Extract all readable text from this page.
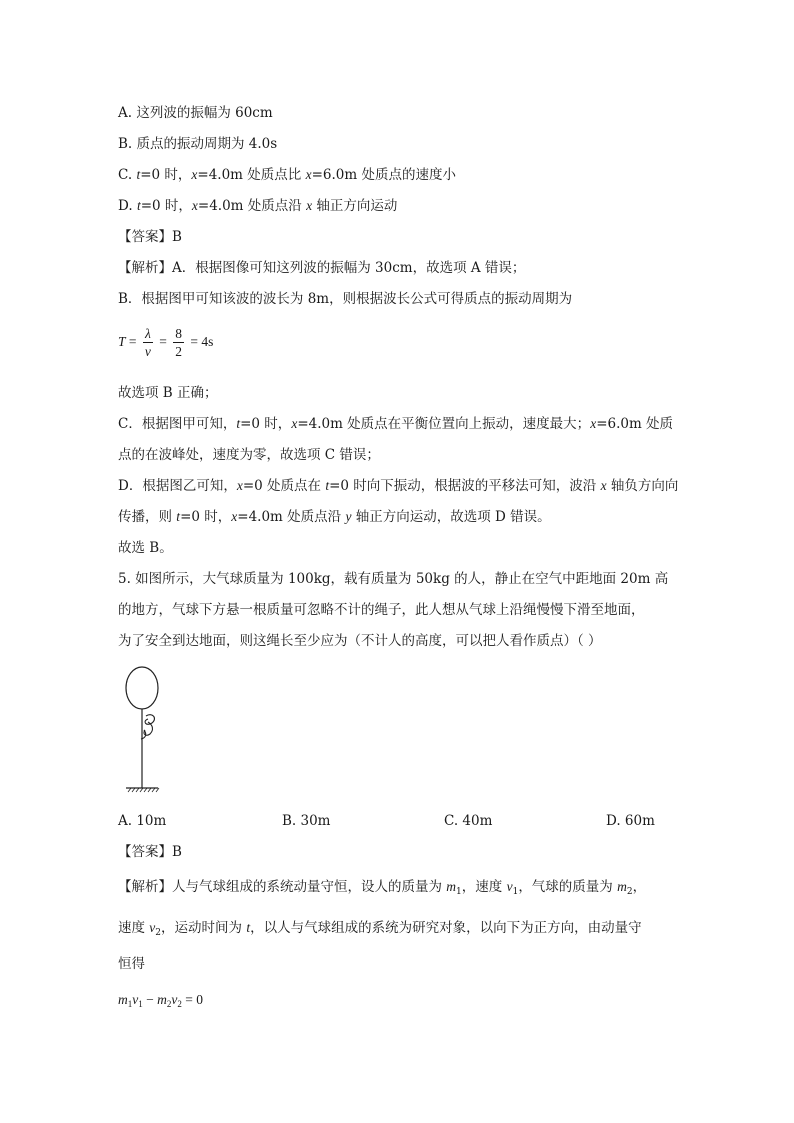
A. 这列波的振幅为 60cm
B. 质点的振动周期为 4.0s
C. t=0 时，x=4.0m 处质点比 x=6.0m 处质点的速度小
D. t=0 时，x=4.0m 处质点沿 x 轴正方向运动
【答案】B
【解析】A．根据图像可知这列波的振幅为 30cm，故选项 A 错误；
B．根据图甲可知该波的波长为 8m，则根据波长公式可得质点的振动周期为
$T = \frac{\lambda}{v} = \frac{8}{2} = 4s$
故选项 B 正确；
C．根据图甲可知，t=0 时，x=4.0m 处质点在平衡位置向上振动，速度最大；x=6.0m 处质
点的在波峰处，速度为零，故选项 C 错误；
D．根据图乙可知，x=0 处质点在 t=0 时向下振动，根据波的平移法可知，波沿 x 轴负方向向
传播，则 t=0 时，x=4.0m 处质点沿 y 轴正方向运动，故选项 D 错误。
故选 B。
5. 如图所示，大气球质量为 100kg，载有质量为 50kg 的人，静止在空气中距地面 20m 高
的地方，气球下方悬一根质量可忽略不计的绳子，此人想从气球上沿绳慢慢下滑至地面，
为了安全到达地面，则这绳长至少应为（不计人的高度，可以把人看作质点）（ ）
A. 10m	B. 30m	C. 40m	D. 60m
【答案】B
【解析】人与气球组成的系统动量守恒，设人的质量为 $m_1$，速度 $v_1$，气球的质量为 $m_2$，
速度 $v_2$，运动时间为 t，以人与气球组成的系统为研究对象，以向下为正方向，由动量守
恒得
$m_1v_1 - m_2v_2 = 0$
